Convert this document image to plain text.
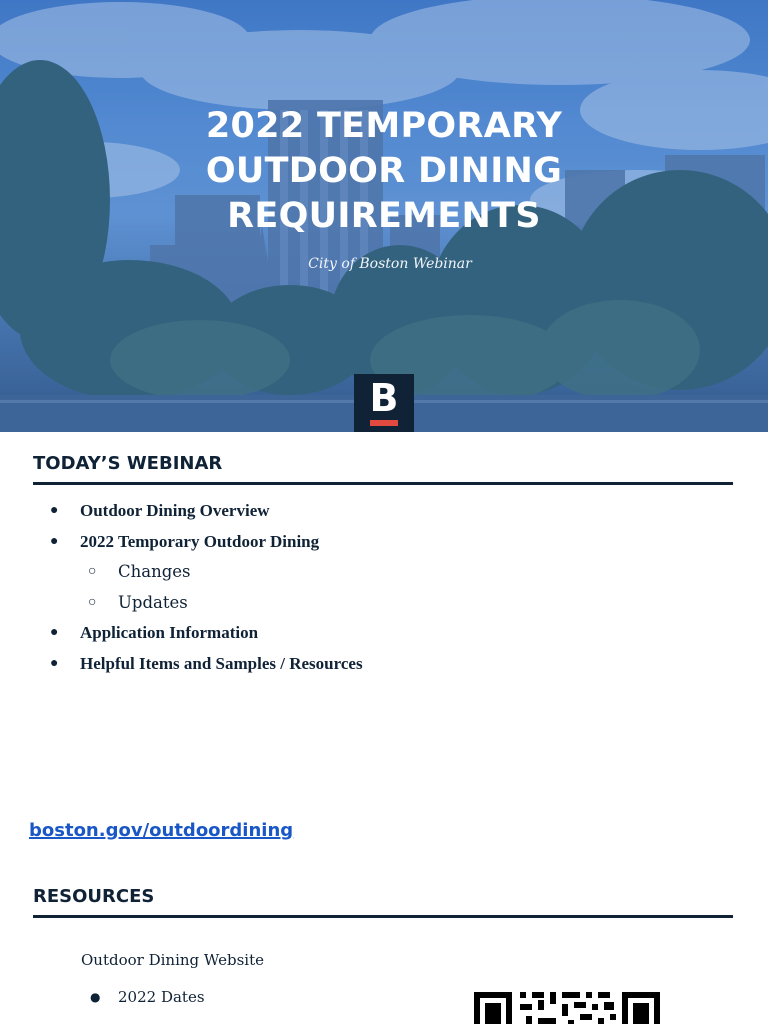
2022 TEMPORARY
OUTDOOR DINING
REQUIREMENTS
City of Boston Webinar
B
TODAY’S WEBINAR
● Outdoor Dining Overview
● 2022 Temporary Outdoor Dining
○ Changes
○ Updates
● Application Information
● Helpful Items and Samples / Resources
boston.gov/outdoordining
RESOURCES
Outdoor Dining Website
● 2022 Dates
